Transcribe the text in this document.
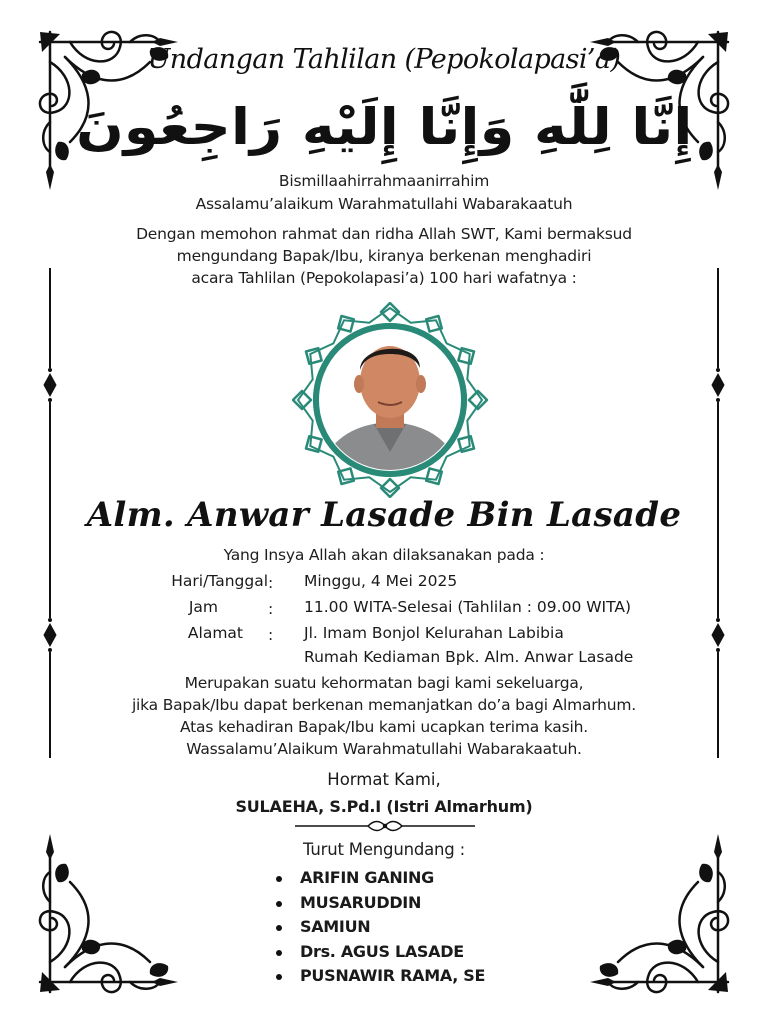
Undangan Tahlilan (Pepokolapasi’a)
إِنَّا لِلَّٰهِ وَإِنَّا إِلَيْهِ رَاجِعُونَ
Bismillaahirrahmaanirrahim
Assalamu’alaikum Warahmatullahi Wabarakaatuh
Dengan memohon rahmat dan ridha Allah SWT, Kami bermaksud
mengundang Bapak/Ibu, kiranya berkenan menghadiri
acara Tahlilan (Pepokolapasi’a) 100 hari wafatnya :
Alm. Anwar Lasade Bin Lasade
Yang Insya Allah akan dilaksanakan pada :
Hari/Tanggal : Minggu, 4 Mei 2025
Jam	: 11.00 WITA-Selesai (Tahlilan : 09.00 WITA)
Alamat : Jl. Imam Bonjol Kelurahan Labibia
Rumah Kediaman Bpk. Alm. Anwar Lasade
Merupakan suatu kehormatan bagi kami sekeluarga,
jika Bapak/Ibu dapat berkenan memanjatkan do’a bagi Almarhum.
Atas kehadiran Bapak/Ibu kami ucapkan terima kasih.
Wassalamu’Alaikum Warahmatullahi Wabarakaatuh.
Hormat Kami,
SULAEHA, S.Pd.I (Istri Almarhum)
Turut Mengundang :
ARIFIN GANING
MUSARUDDIN
SAMIUN
Drs. AGUS LASADE
PUSNAWIR RAMA, SE
